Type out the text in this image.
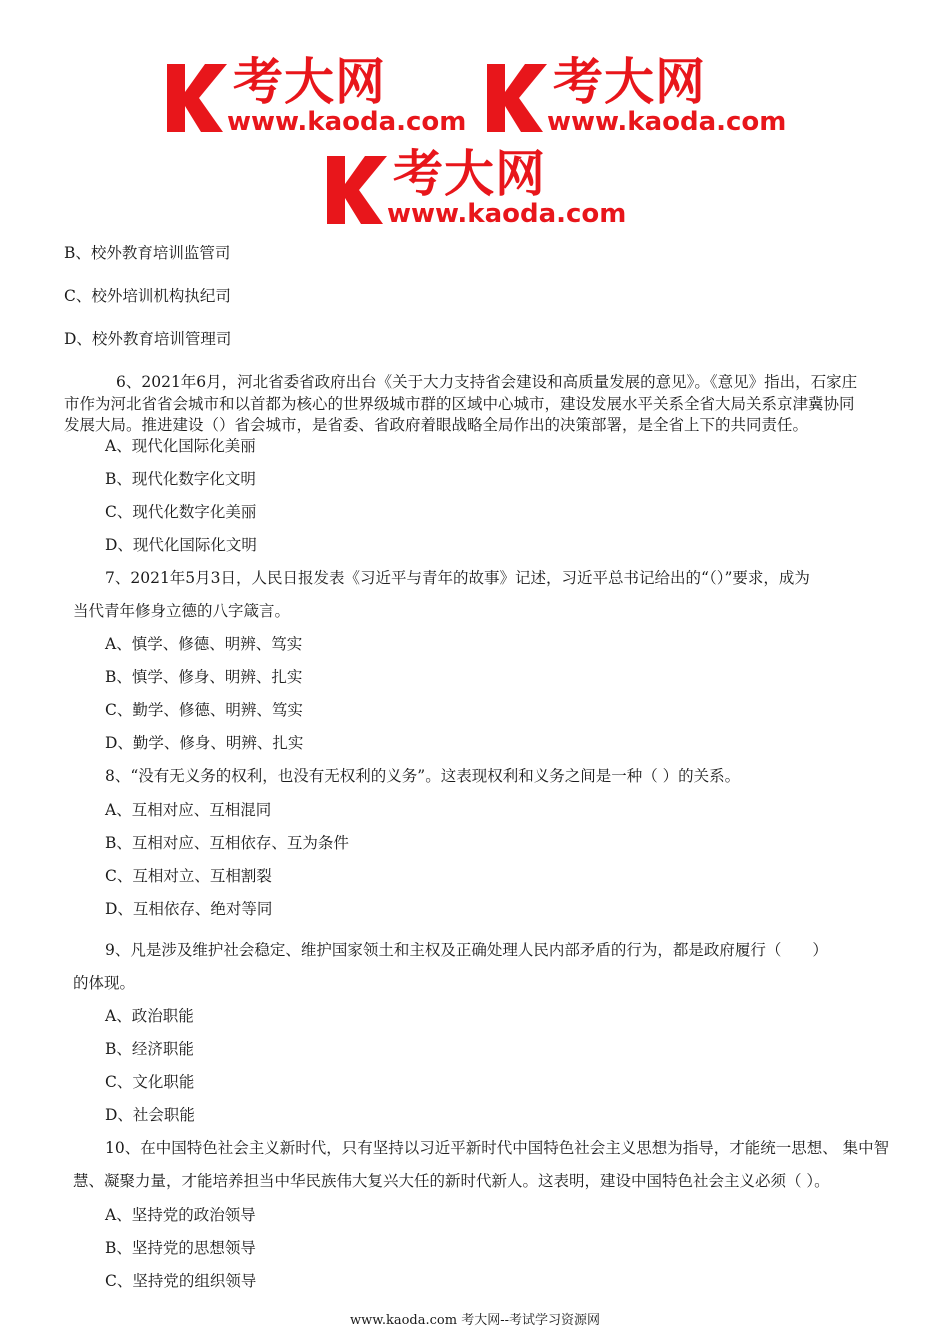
考大网
www.kaoda.com
考大网
www.kaoda.com
考大网
www.kaoda.com
B、校外教育培训监管司
C、校外培训机构执纪司
D、校外教育培训管理司
6、2021年6月，河北省委省政府出台《关于大力支持省会建设和高质量发展的意见》。《意见》指出，石家庄
市作为河北省省会城市和以首都为核心的世界级城市群的区域中心城市，建设发展水平关系全省大局关系京津冀协同
发展大局。推进建设（）省会城市，是省委、省政府着眼战略全局作出的决策部署，是全省上下的共同责任。
A、现代化国际化美丽
B、现代化数字化文明
C、现代化数字化美丽
D、现代化国际化文明
7、2021年5月3日，人民日报发表《习近平与青年的故事》记述，习近平总书记给出的“（）”要求，成为
当代青年修身立德的八字箴言。
A、慎学、修德、明辨、笃实
B、慎学、修身、明辨、扎实
C、勤学、修德、明辨、笃实
D、勤学、修身、明辨、扎实
8、“没有无义务的权利，也没有无权利的义务”。这表现权利和义务之间是一种（ ）的关系。
A、互相对应、互相混同
B、互相对应、互相依存、互为条件
C、互相对立、互相割裂
D、互相依存、绝对等同
9、凡是涉及维护社会稳定、维护国家领土和主权及正确处理人民内部矛盾的行为，都是政府履行（　　）
的体现。
A、政治职能
B、经济职能
C、文化职能
D、社会职能
10、在中国特色社会主义新时代，只有坚持以习近平新时代中国特色社会主义思想为指导，才能统一思想、 集中智
慧、凝聚力量，才能培养担当中华民族伟大复兴大任的新时代新人。这表明，建设中国特色社会主义必须（ ）。
A、坚持党的政治领导
B、坚持党的思想领导
C、坚持党的组织领导
www.kaoda.com 考大网--考试学习资源网
